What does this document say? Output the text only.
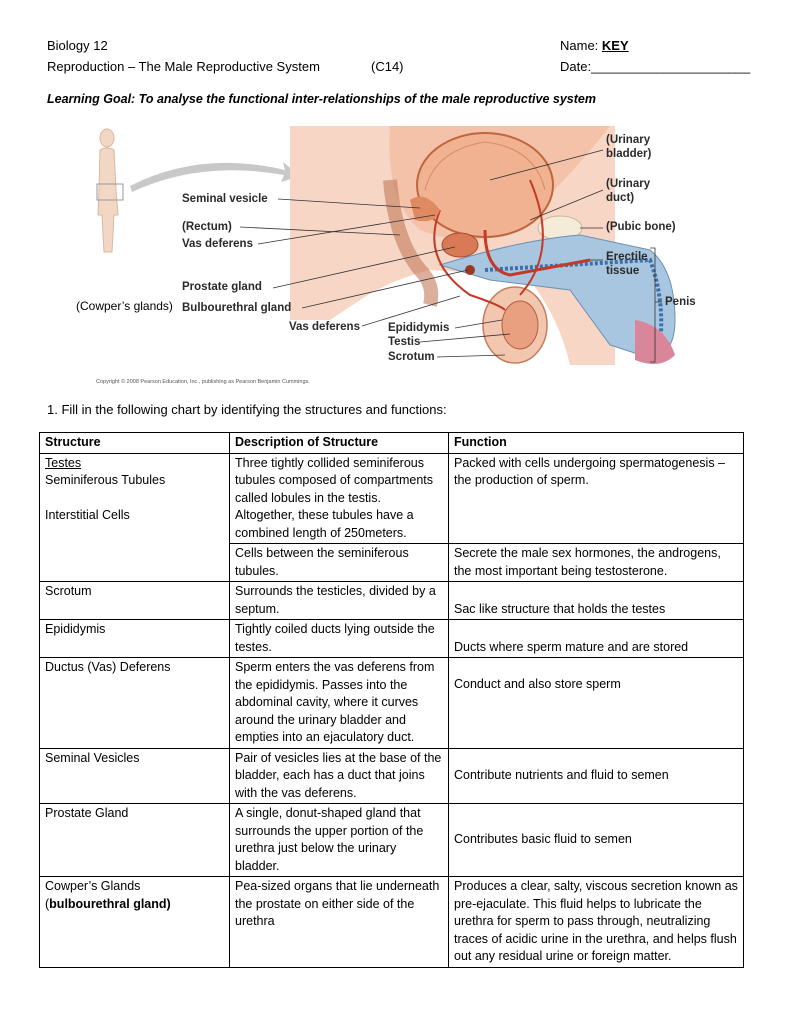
Biology 12
Reproduction – The Male Reproductive System	(C14)
Name: KEY
Date:______________________
Learning Goal: To analyse the functional inter-relationships of the male reproductive system
(Urinary
bladder)
(Urinary
duct)
(Pubic bone)
Erectile
tissue
Penis
Seminal vesicle
(Rectum)
Vas deferens
Prostate gland
Bulbourethral gland
(Cowper’s glands)
Vas deferens Epididymis
Testis
Scrotum
Copyright © 2008 Pearson Education, Inc., publishing as Pearson Benjamin Cummings.
1. Fill in the following chart by identifying the structures and functions:
Structure	Description of Structure	Function

Testes
Seminiferous Tubules
Interstitial Cells	Three tightly collided seminiferous tubules composed of compartments called lobules in the testis. Altogether, these tubules have a combined length of 250meters.	Packed with cells undergoing spermatogenesis – the production of sperm.
	Cells between the seminiferous tubules.	Secrete the male sex hormones, the androgens, the most important being testosterone.
Scrotum	Surrounds the testicles, divided by a septum.	Sac like structure that holds the testes
Epididymis	Tightly coiled ducts lying outside the testes.	Ducts where sperm mature and are stored
Ductus (Vas) Deferens	Sperm enters the vas deferens from the epididymis. Passes into the abdominal cavity, where it curves around the urinary bladder and empties into an ejaculatory duct.	Conduct and also store sperm
Seminal Vesicles	Pair of vesicles lies at the base of the bladder, each has a duct that joins with the vas deferens.	Contribute nutrients and fluid to semen
Prostate Gland	A single, donut-shaped gland that surrounds the upper portion of the urethra just below the urinary bladder.	Contributes basic fluid to semen

Cowper’s Glands
(bulbourethral gland)	Pea-sized organs that lie underneath the prostate on either side of the urethra	Produces a clear, salty, viscous secretion known as pre-ejaculate. This fluid helps to lubricate the urethra for sperm to pass through, neutralizing traces of acidic urine in the urethra, and helps flush out any residual urine or foreign matter.
